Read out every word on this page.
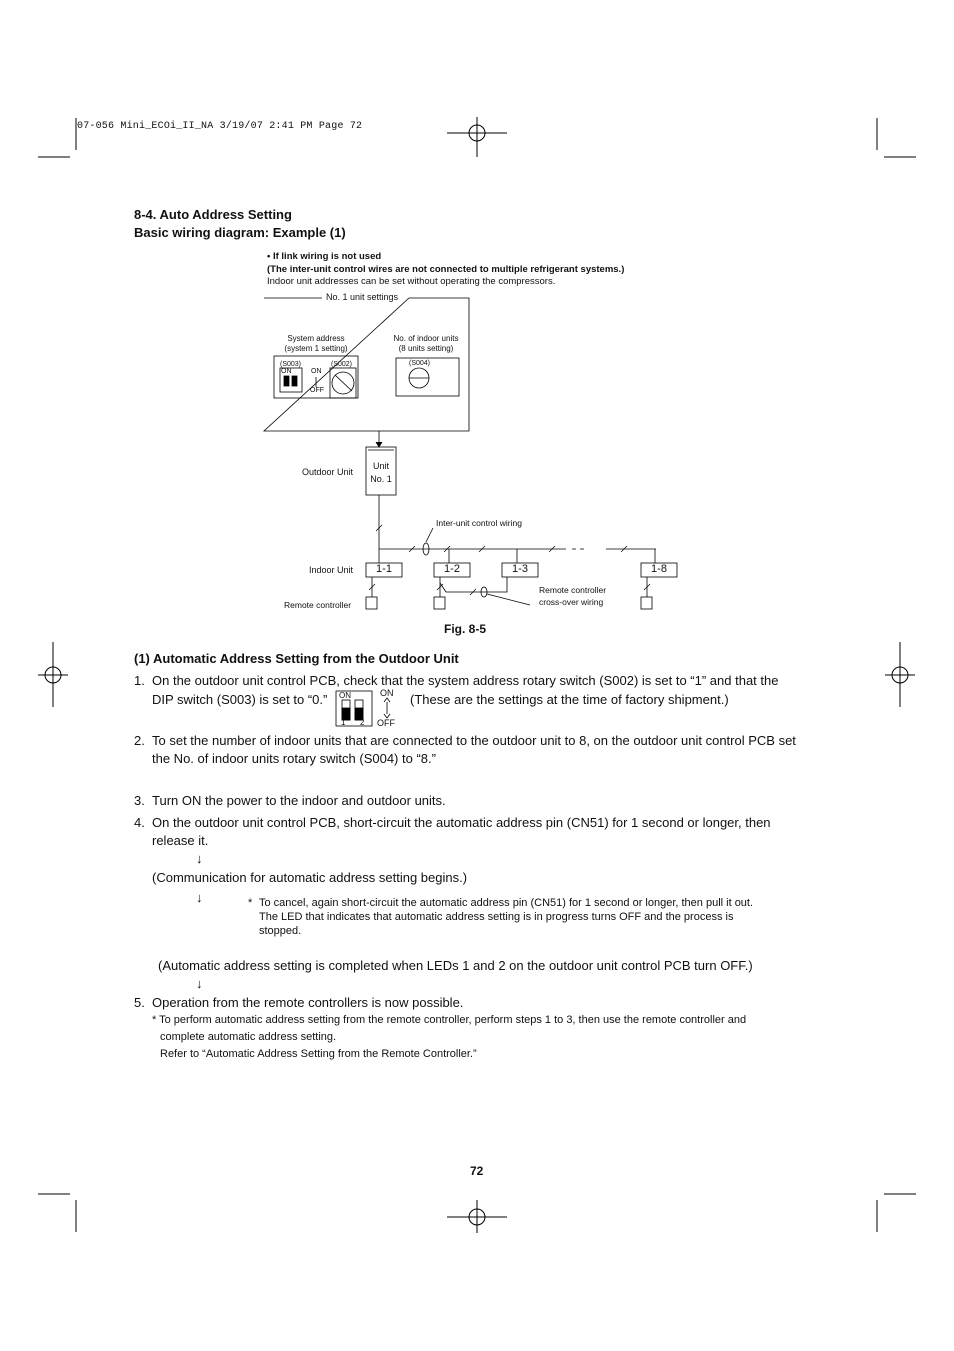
07-056 Mini_ECOi_II_NA 3/19/07 2:41 PM Page 72
8-4. Auto Address Setting
Basic wiring diagram: Example (1)
• If link wiring is not used
(The inter-unit control wires are not connected to multiple refrigerant systems.)
Indoor unit addresses can be set without operating the compressors.
No. 1 unit settings
System address
(system 1 setting)
(S003)	(S002)
ON	ON
OFF
No. of indoor units
(8 units setting)
(S004)
Outdoor Unit
Unit
No. 1
Inter-unit control wiring
Indoor Unit	1-1	1-2	1-3	1-8
Remote controller
Remote controller
cross-over wiring
Fig. 8-5
(1) Automatic Address Setting from the Outdoor Unit
1. On the outdoor unit control PCB, check that the system address rotary switch (S002) is set to “1” and that the
DIP switch (S003) is set to “0.” ON
1 2
ON
OFF
(These are the settings at the time of factory shipment.)
2. To set the number of indoor units that are connected to the outdoor unit to 8, on the outdoor unit control PCB set
the No. of indoor units rotary switch (S004) to “8.”
3. Turn ON the power to the indoor and outdoor units.
4. On the outdoor unit control PCB, short-circuit the automatic address pin (CN51) for 1 second or longer, then
release it.
↓
(Communication for automatic address setting begins.)
↓	* To cancel, again short-circuit the automatic address pin (CN51) for 1 second or longer, then pull it out.
The LED that indicates that automatic address setting is in progress turns OFF and the process is
stopped.
(Automatic address setting is completed when LEDs 1 and 2 on the outdoor unit control PCB turn OFF.)
↓
5. Operation from the remote controllers is now possible.
* To perform automatic address setting from the remote controller, perform steps 1 to 3, then use the remote controller and
complete automatic address setting.
Refer to “Automatic Address Setting from the Remote Controller.”
72
